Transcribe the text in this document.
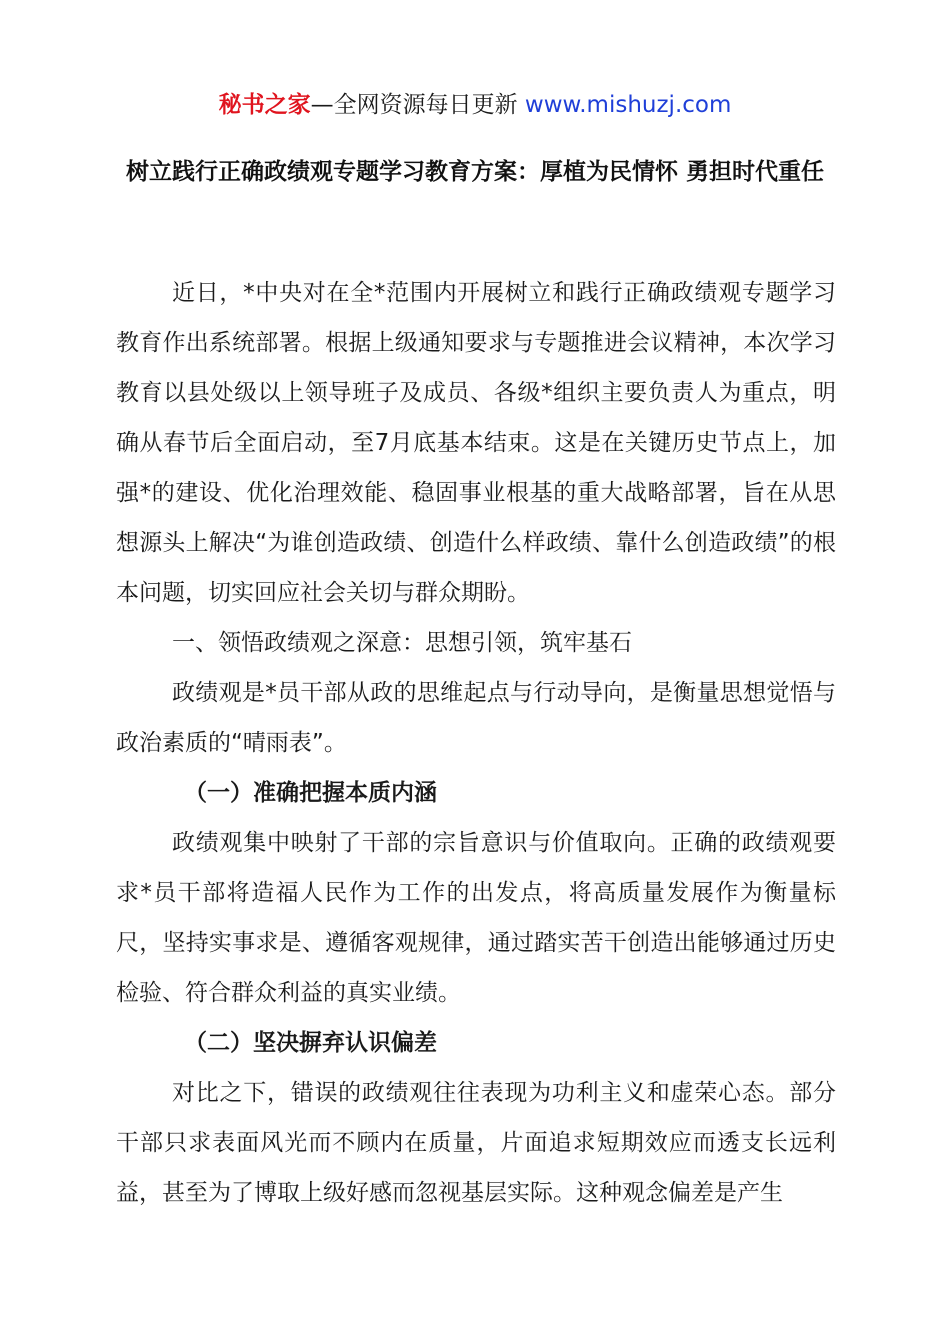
秘书之家—全网资源每日更新 www.mishuzj.com
树立践行正确政绩观专题学习教育方案：厚植为民情怀 勇担时代重任

近日，*中央对在全*范围内开展树立和践行正确政绩观专题学习教育作出系统部署。根据上级通知要求与专题推进会议精神，本次学习教育以县处级以上领导班子及成员、各级*组织主要负责人为重点，明确从春节后全面启动，至7月底基本结束。这是在关键历史节点上，加强*的建设、优化治理效能、稳固事业根基的重大战略部署，旨在从思想源头上解决“为谁创造政绩、创造什么样政绩、靠什么创造政绩”的根本问题，切实回应社会关切与群众期盼。

一、领悟政绩观之深意：思想引领，筑牢基石

政绩观是*员干部从政的思维起点与行动导向，是衡量思想觉悟与政治素质的“晴雨表”。

（一）准确把握本质内涵

政绩观集中映射了干部的宗旨意识与价值取向。正确的政绩观要求*员干部将造福人民作为工作的出发点，将高质量发展作为衡量标尺，坚持实事求是、遵循客观规律，通过踏实苦干创造出能够通过历史检验、符合群众利益的真实业绩。

（二）坚决摒弃认识偏差

对比之下，错误的政绩观往往表现为功利主义和虚荣心态。部分干部只求表面风光而不顾内在质量，片面追求短期效应而透支长远利益，甚至为了博取上级好感而忽视基层实际。这种观念偏差是产生
